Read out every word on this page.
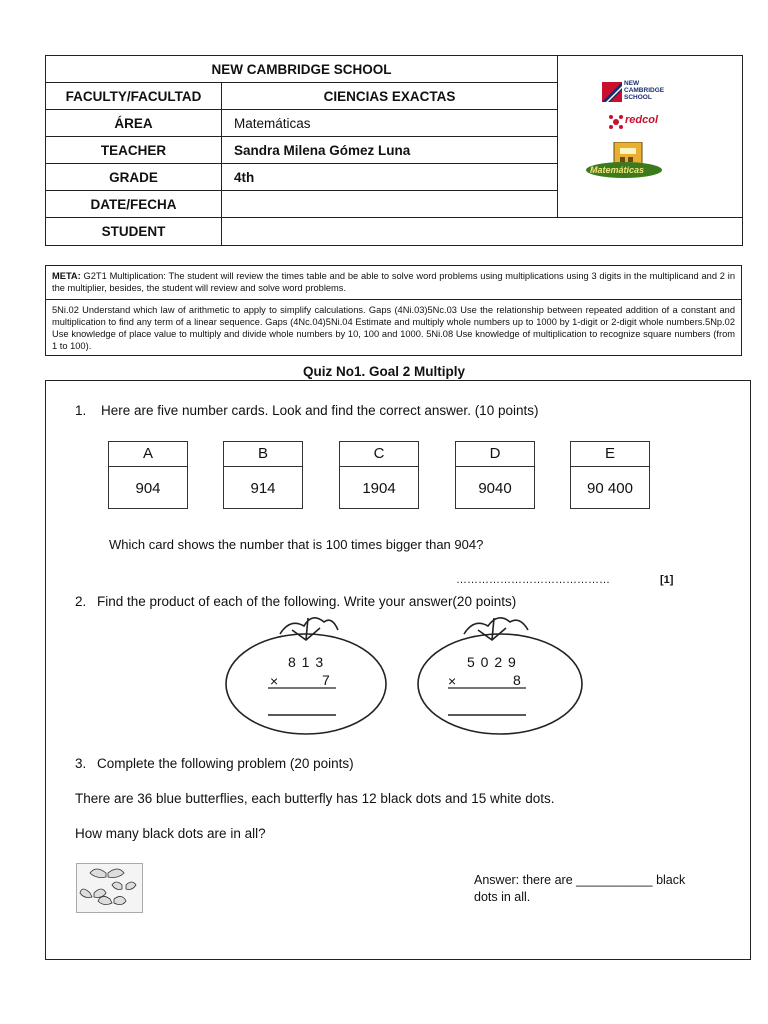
NEW CAMBRIDGE SCHOOL		NEW
CAMBRIDGE
SCHOOL
redcol
Matemáticas

FACULTY/FACULTAD	CIENCIAS EXACTAS	
ÁREA	Matemáticas	
TEACHER	Sandra Milena Gómez Luna	
GRADE	4th	
DATE/FECHA		
STUDENT		
META: G2T1 Multiplication: The student will review the times table and be able to solve word problems using multiplications using 3 digits in the multiplicand and 2 in the multiplier, besides, the student will review and solve word problems.
5Ni.02 Understand which law of arithmetic to apply to simplify calculations. Gaps (4Ni.03)5Nc.03 Use the relationship between repeated addition of a constant and multiplication to find any term of a linear sequence. Gaps (4Nc.04)5Ni.04 Estimate and multiply whole numbers up to 1000 by 1-digit or 2-digit whole numbers.5Np.02 Use knowledge of place value to multiply and divide whole numbers by 10, 100 and 1000. 5Ni.08 Use knowledge of multiplication to recognize square numbers (from 1 to 100).
Quiz No1. Goal 2 Multiply
1. Here are five number cards. Look and find the correct answer. (10 points)
A
904
B
914
C
1904
D
9040
E
90 400
Which card shows the number that is 100 times bigger than 904?
……………………………………	[1]
2. Find the product of each of the following. Write your answer(20 points)
8 1 3
×	7
5 0 2 9
×	8
3. Complete the following problem (20 points)
There are 36 blue butterflies, each butterfly has 12 black dots and 15 white dots.
How many black dots are in all?
Answer: there are ___________ black
dots in all.
